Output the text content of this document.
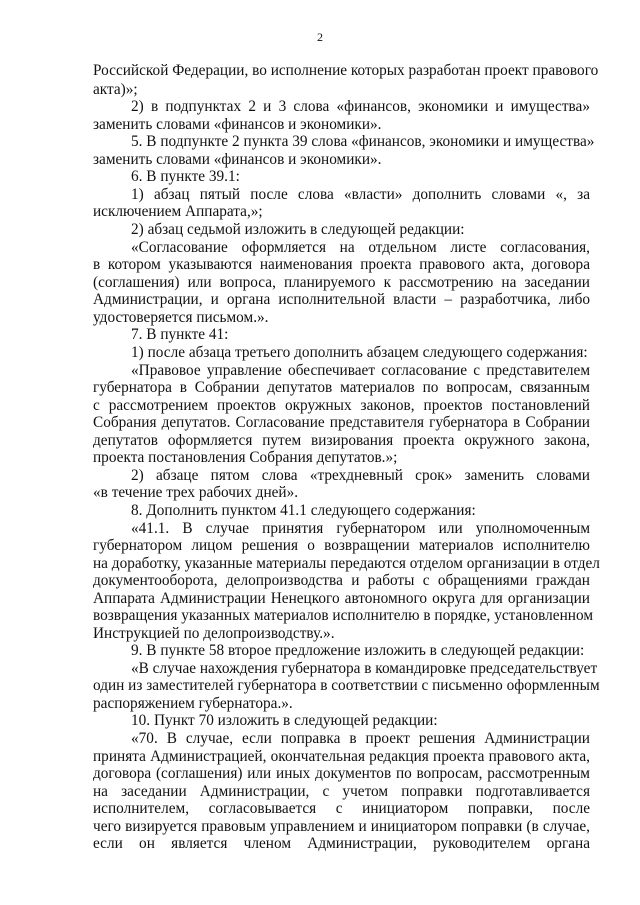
2
Российской Федерации, во исполнение которых разработан проект правового
акта)»;
2) в подпунктах 2 и 3 слова «финансов, экономики и имущества»
заменить словами «финансов и экономики».
5. В подпункте 2 пункта 39 слова «финансов, экономики и имущества»
заменить словами «финансов и экономики».
6. В пункте 39.1:
1) абзац пятый после слова «власти» дополнить словами «, за
исключением Аппарата,»;
2) абзац седьмой изложить в следующей редакции:
«Согласование оформляется на отдельном листе согласования,
в котором указываются наименования проекта правового акта, договора
(соглашения) или вопроса, планируемого к рассмотрению на заседании
Администрации, и органа исполнительной власти – разработчика, либо
удостоверяется письмом.».
7. В пункте 41:
1) после абзаца третьего дополнить абзацем следующего содержания:
«Правовое управление обеспечивает согласование с представителем
губернатора в Собрании депутатов материалов по вопросам, связанным
с рассмотрением проектов окружных законов, проектов постановлений
Собрания депутатов. Согласование представителя губернатора в Собрании
депутатов оформляется путем визирования проекта окружного закона,
проекта постановления Собрания депутатов.»;
2) абзаце пятом слова «трехдневный срок» заменить словами
«в течение трех рабочих дней».
8. Дополнить пунктом 41.1 следующего содержания:
«41.1. В случае принятия губернатором или уполномоченным
губернатором лицом решения о возвращении материалов исполнителю
на доработку, указанные материалы передаются отделом организации в отдел
документооборота, делопроизводства и работы с обращениями граждан
Аппарата Администрации Ненецкого автономного округа для организации
возвращения указанных материалов исполнителю в порядке, установленном
Инструкцией по делопроизводству.».
9. В пункте 58 второе предложение изложить в следующей редакции:
«В случае нахождения губернатора в командировке председательствует
один из заместителей губернатора в соответствии с письменно оформленным
распоряжением губернатора.».
10. Пункт 70 изложить в следующей редакции:
«70. В случае, если поправка в проект решения Администрации
принята Администрацией, окончательная редакция проекта правового акта,
договора (соглашения) или иных документов по вопросам, рассмотренным
на заседании Администрации, с учетом поправки подготавливается
исполнителем, согласовывается с инициатором поправки, после
чего визируется правовым управлением и инициатором поправки (в случае,
если он является членом Администрации, руководителем органа
